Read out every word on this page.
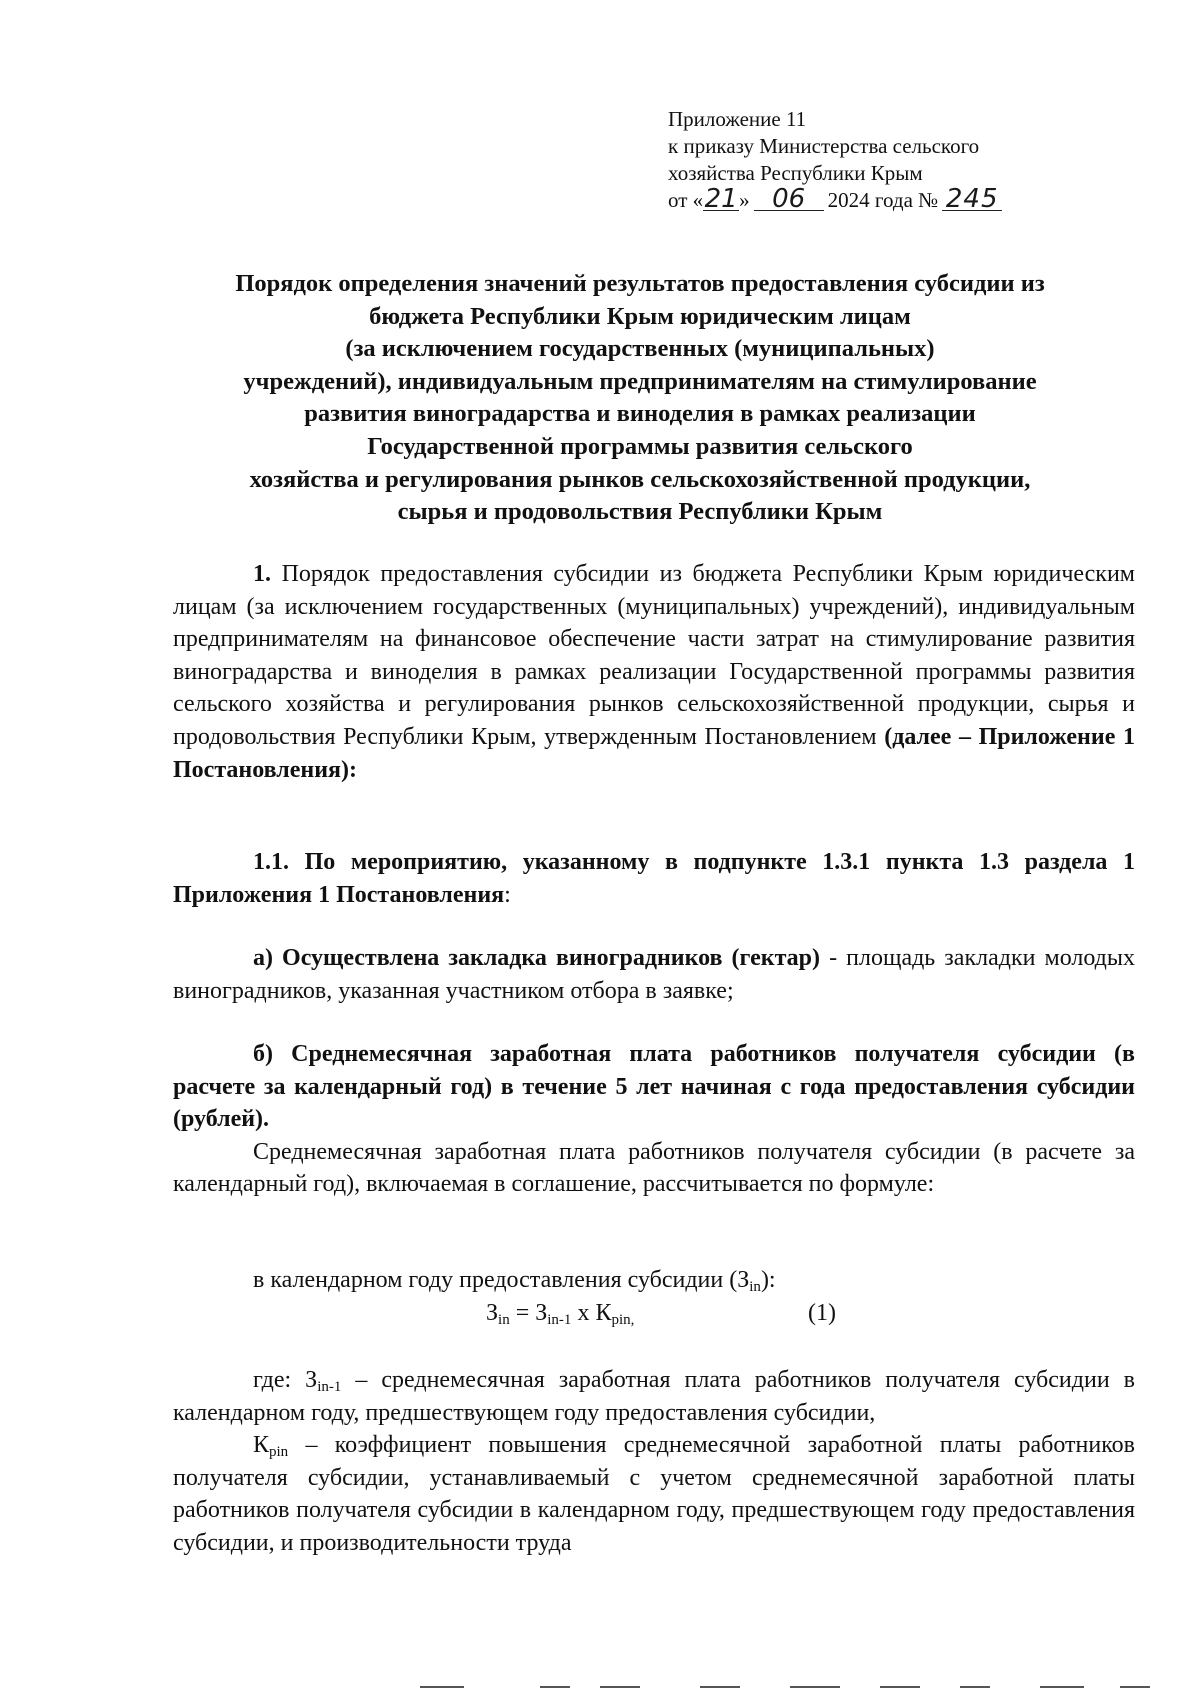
Приложение 11
к приказу Министерства сельского
хозяйства Республики Крым
от «21» 06 2024 года № 245
Порядок определения значений результатов предоставления субсидии из
бюджета Республики Крым юридическим лицам
(за исключением государственных (муниципальных)
учреждений), индивидуальным предпринимателям на стимулирование
развития виноградарства и виноделия в рамках реализации
Государственной программы развития сельского
хозяйства и регулирования рынков сельскохозяйственной продукции,
сырья и продовольствия Республики Крым

1. Порядок предоставления субсидии из бюджета Республики Крым юридическим лицам (за исключением государственных (муниципальных) учреждений), индивидуальным предпринимателям на финансовое обеспечение части затрат на стимулирование развития виноградарства и виноделия в рамках реализации Государственной программы развития сельского хозяйства и регулирования рынков сельскохозяйственной продукции, сырья и продовольствия Республики Крым, утвержденным Постановлением (далее – Приложение 1 Постановления):

1.1. По мероприятию, указанному в подпункте 1.3.1 пункта 1.3 раздела 1 Приложения 1 Постановления:

а) Осуществлена закладка виноградников (гектар) - площадь закладки молодых виноградников, указанная участником отбора в заявке;

б) Среднемесячная заработная плата работников получателя субсидии (в расчете за календарный год) в течение 5 лет начиная с года предоставления субсидии (рублей).

Среднемесячная заработная плата работников получателя субсидии (в расчете за календарный год), включаемая в соглашение, рассчитывается по формуле:

в календарном году предоставления субсидии $(З_{in})$:
$З_{in} = З_{in-1}$ x $К_{pin,}$	(1)

где: $З_{in-1}$ – среднемесячная заработная плата работников получателя субсидии в календарном году, предшествующем году предоставления субсидии,

$К_{pin}$ – коэффициент повышения среднемесячной заработной платы работников получателя субсидии, устанавливаемый с учетом среднемесячной заработной платы работников получателя субсидии в календарном году, предшествующем году предоставления субсидии, и производительности труда
